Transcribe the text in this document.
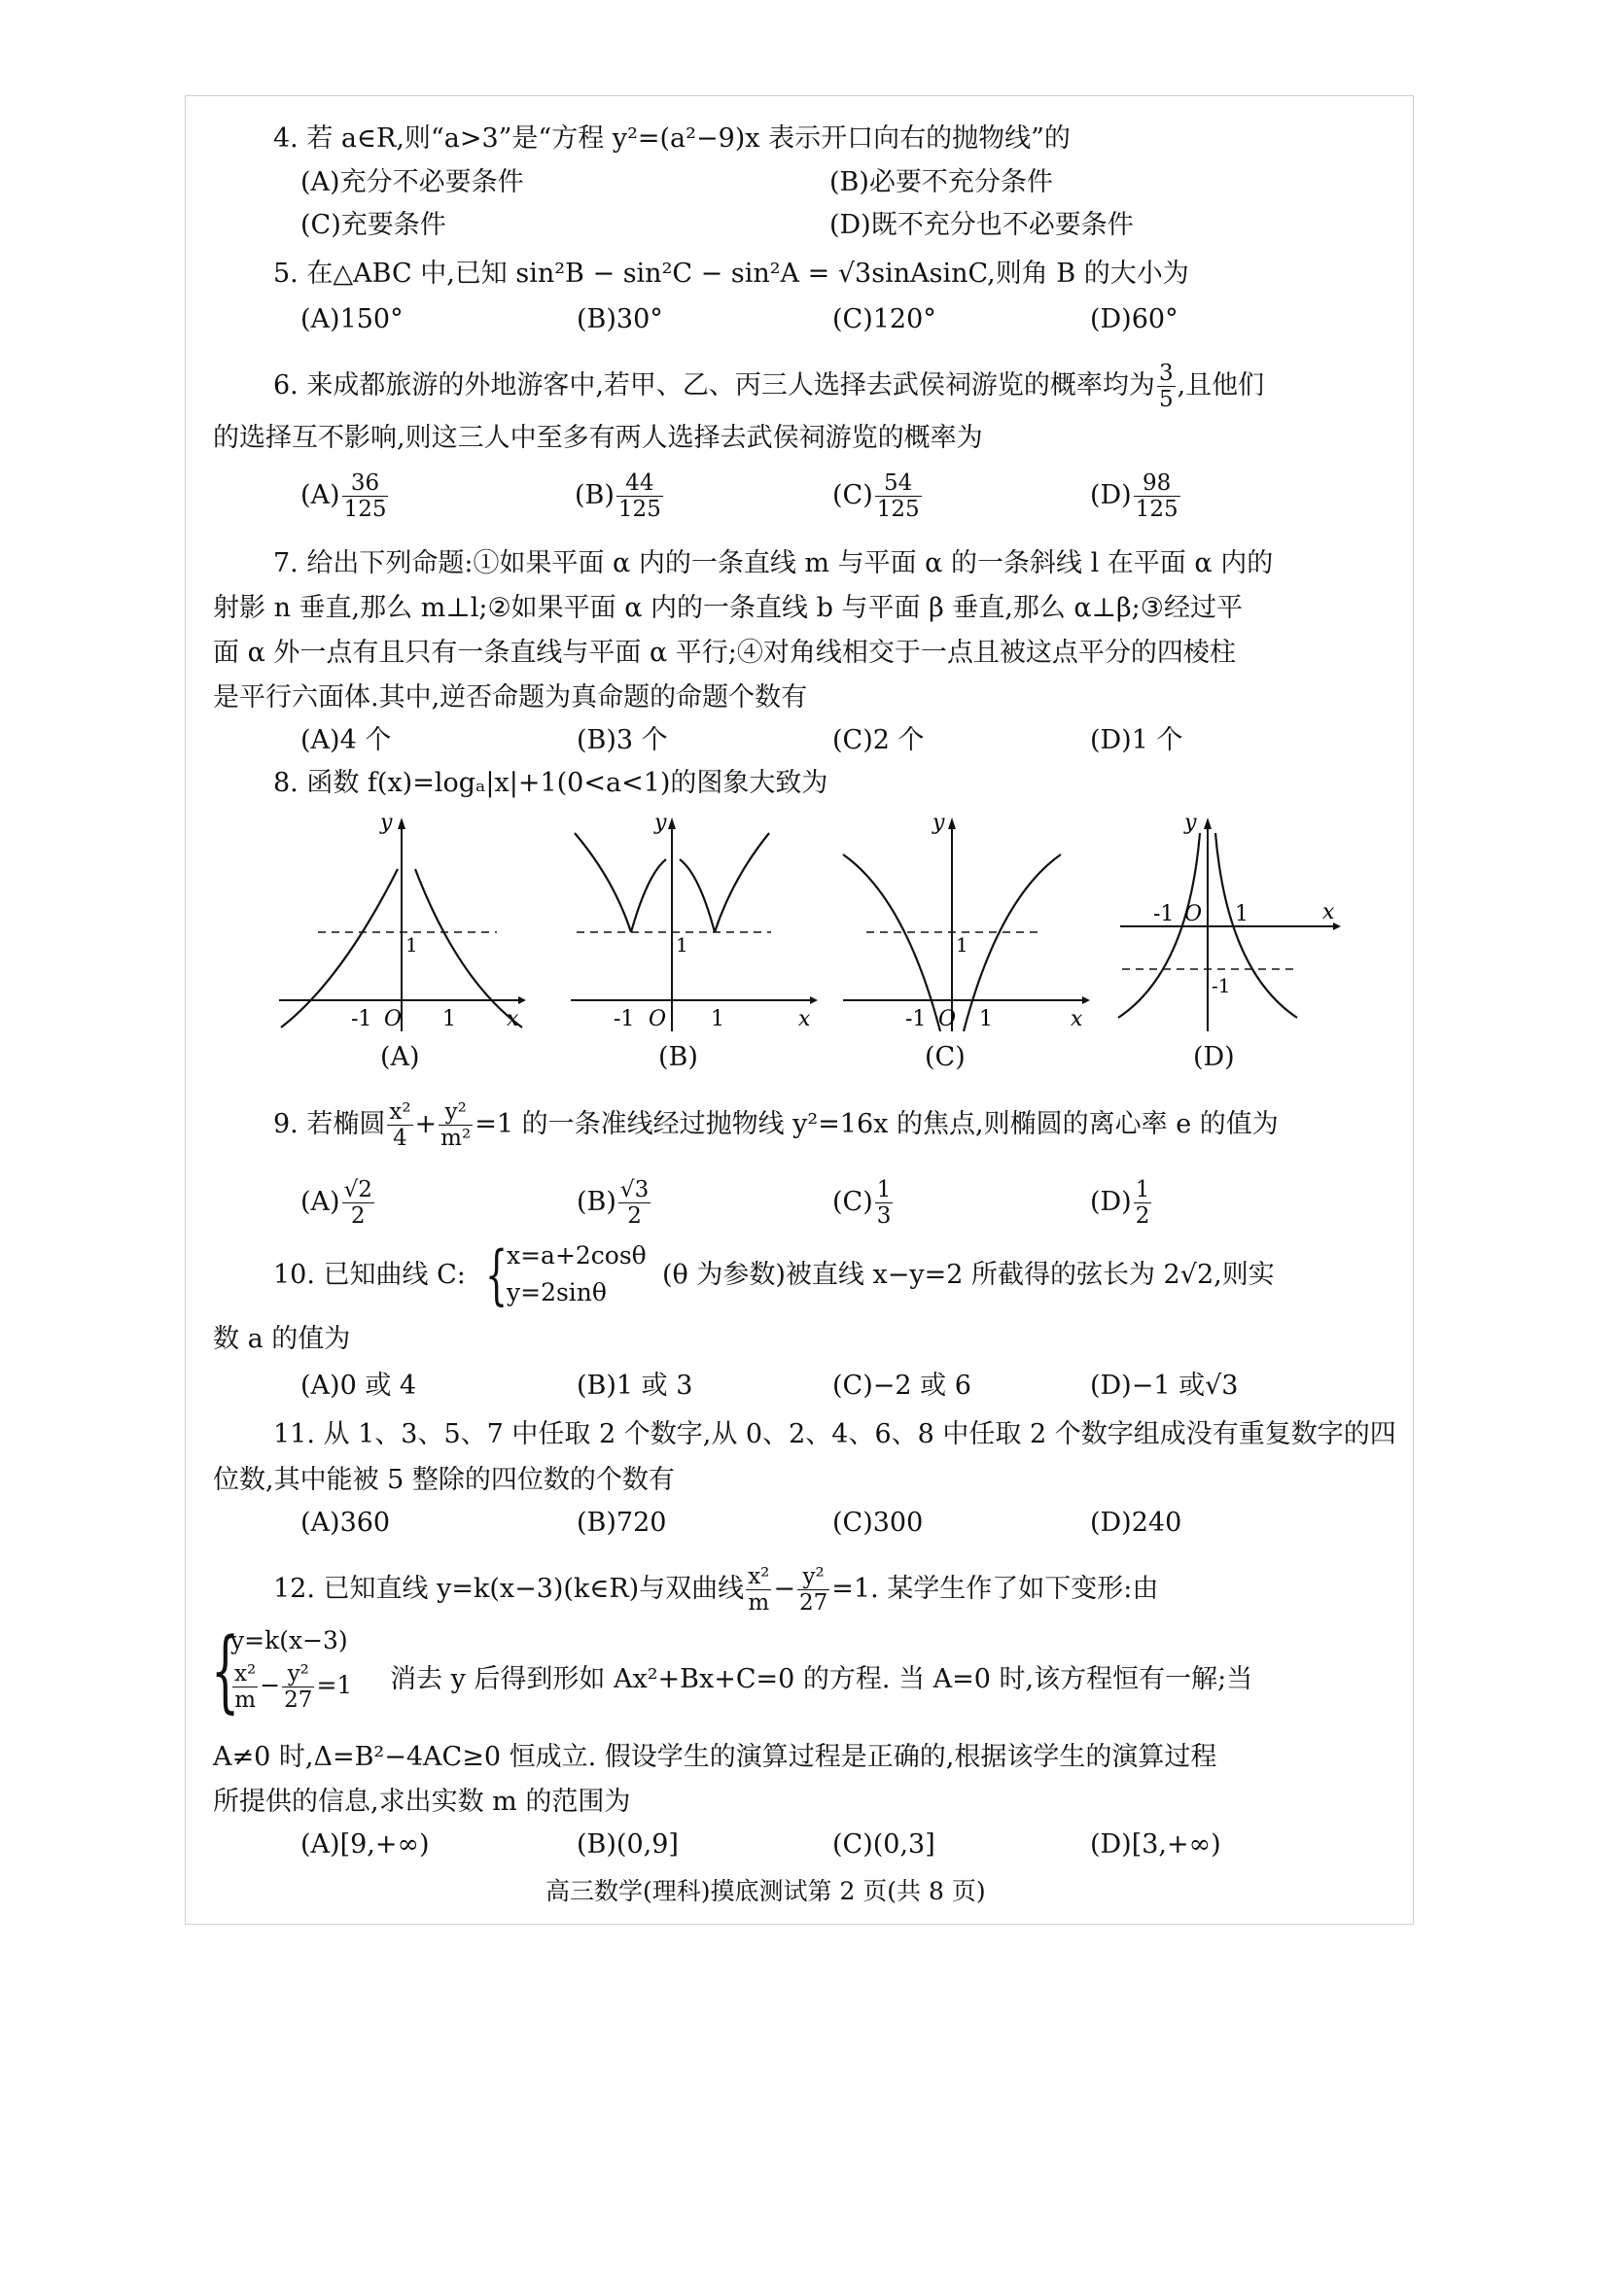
4. 若 a∈R,则“a>3”是“方程 y²=(a²−9)x 表示开口向右的抛物线”的
(A)充分不必要条件	(B)必要不充分条件
(C)充要条件	(D)既不充分也不必要条件
5. 在△ABC 中,已知 sin²B − sin²C − sin²A = √3sinAsinC,则角 B 的大小为
(A)150°	(B)30°	(C)120°	(D)60°
6. 来成都旅游的外地游客中,若甲、乙、丙三人选择去武侯祠游览的概率均为 $\frac{3}{5}$ ,且他们
的选择互不影响,则这三人中至多有两人选择去武侯祠游览的概率为
$(A) \frac{36}{125}$	$(B) \frac{44}{125}$	$(C) \frac{54}{125}$	$(D) \frac{98}{125}$
7. 给出下列命题:①如果平面 α 内的一条直线 m 与平面 α 的一条斜线 l 在平面 α 内的
射影 n 垂直,那么 m⊥l;②如果平面 α 内的一条直线 b 与平面 β 垂直,那么 α⊥β;③经过平
面 α 外一点有且只有一条直线与平面 α 平行;④对角线相交于一点且被这点平分的四棱柱
是平行六面体.其中,逆否命题为真命题的命题个数有
(A)4 个	(B)3 个	(C)2 个	(D)1 个
8. 函数 f(x)=logₐ|x|+1(0<a<1)的图象大致为
y
x
1
-1 O 1
(A)
y
x
1
-1 O 1
(B)
y
x
1
-1 O 1
(C)
y
x
-1 O 1
-1
(D)
9. 若椭圆 $\frac{\text{x²}}{4} + \frac{\text{y²}}{\text{m²}} =1$ 的一条准线经过抛物线 y²=16x 的焦点,则椭圆的离心率 e 的值为
$(A) \frac{√2}{2}$	$(B) \frac{√3}{2}$	$(C) \frac{1}{3}$	$(D) \frac{1}{2}$
10. 已知曲线 C: {
x=a+2cosθ
y=2sinθ
(θ 为参数)被直线 x−y=2 所截得的弦长为 2√2,则实
数 a 的值为
(A)0 或 4	(B)1 或 3	(C)−2 或 6	(D)−1 或√3
11. 从 1、3、5、7 中任取 2 个数字,从 0、2、4、6、8 中任取 2 个数字组成没有重复数字的四
位数,其中能被 5 整除的四位数的个数有
(A)360	(B)720	(C)300	(D)240
12. 已知直线 y=k(x−3)(k∈R)与双曲线 $\frac{\text{x²}}{m} - \frac{\text{y²}}{27} =1$. 某学生作了如下变形:由
{
y=k(x−3)
$\frac{\text{x²}}{m} - \frac{\text{y²}}{27} =1$ 消去 y 后得到形如 Ax²+Bx+C=0 的方程. 当 A=0 时,该方程恒有一解;当
A≠0 时,Δ=B²−4AC≥0 恒成立. 假设学生的演算过程是正确的,根据该学生的演算过程
所提供的信息,求出实数 m 的范围为
(A)[9,+∞)	(B)(0,9]	(C)(0,3]	(D)[3,+∞)
高三数学(理科)摸底测试第 2 页(共 8 页)
